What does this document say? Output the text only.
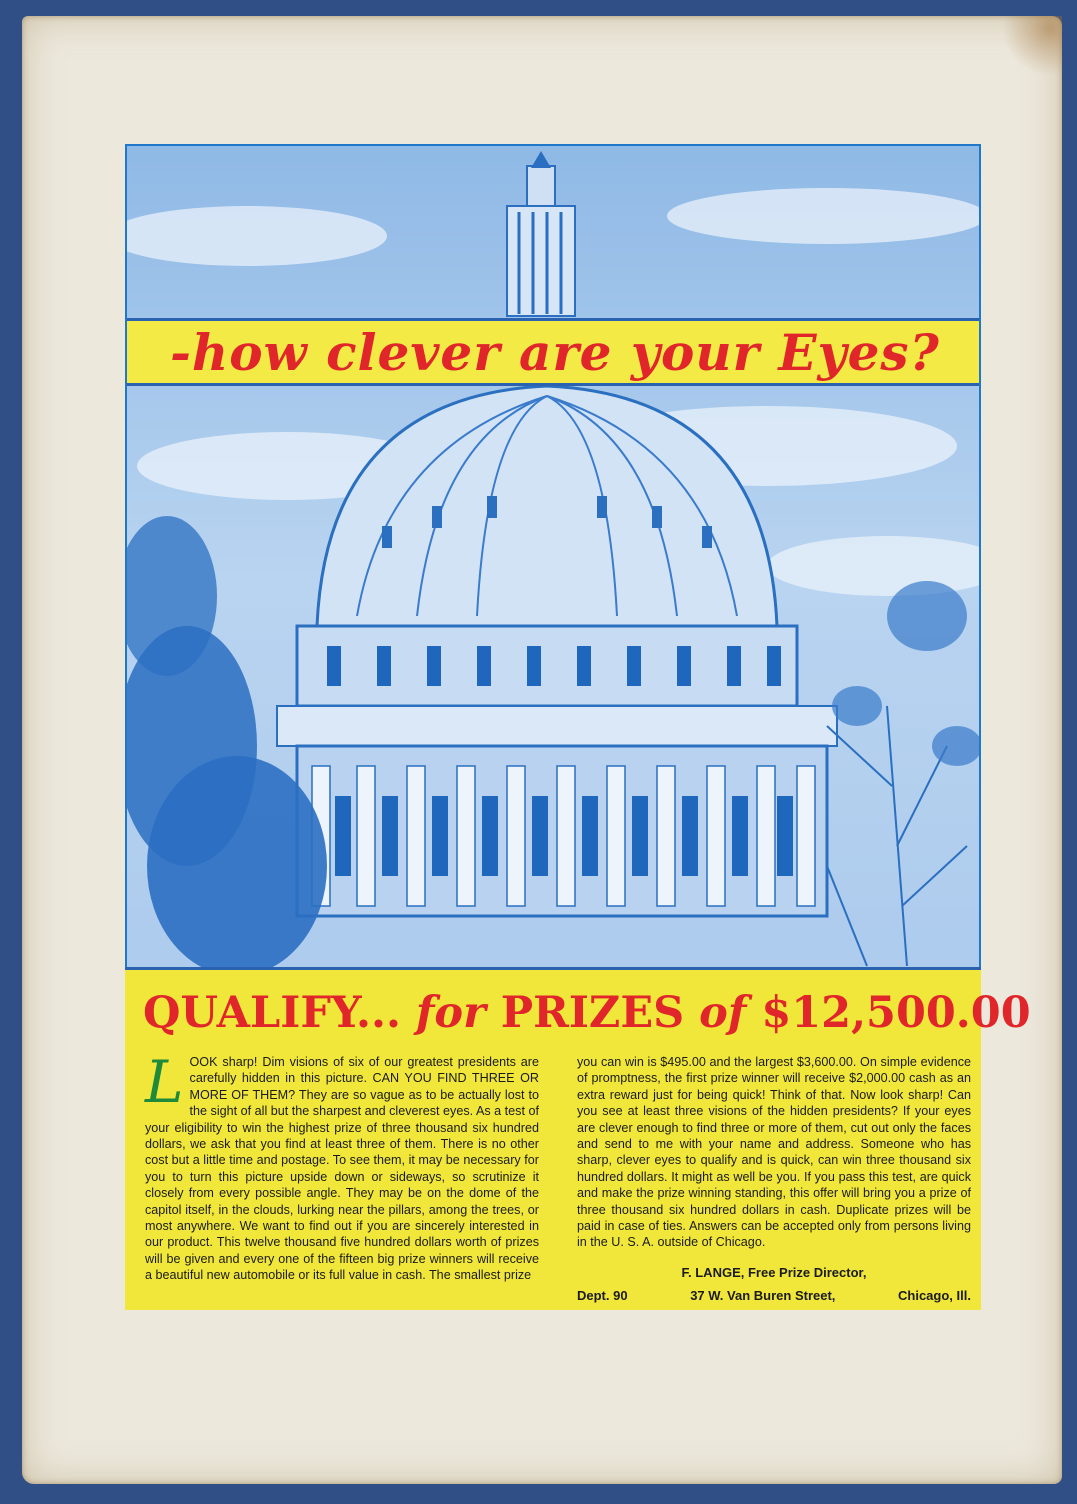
-how clever are your Eyes?
QUALIFY... for PRIZES of $12,500.00
L OOK sharp! Dim visions of six of our greatest presidents are carefully hidden in this picture. CAN YOU FIND THREE OR MORE OF THEM? They are so vague as to be actually lost to the sight of all but the sharpest and cleverest eyes. As a test of your eligibility to win the highest prize of three thousand six hundred dollars, we ask that you find at least three of them. There is no other cost but a little time and postage. To see them, it may be necessary for you to turn this picture upside down or sideways, so scrutinize it closely from every possible angle. They may be on the dome of the capitol itself, in the clouds, lurking near the pillars, among the trees, or most anywhere. We want to find out if you are sincerely interested in our product. This twelve thousand five hundred dollars worth of prizes will be given and every one of the fifteen big prize winners will receive a beautiful new automobile or its full value in cash. The smallest prize
you can win is $495.00 and the largest $3,600.00. On simple evidence of promptness, the first prize winner will receive $2,000.00 cash as an extra reward just for being quick! Think of that. Now look sharp! Can you see at least three visions of the hidden presidents? If your eyes are clever enough to find three or more of them, cut out only the faces and send to me with your name and address. Someone who has sharp, clever eyes to qualify and is quick, can win three thousand six hundred dollars. It might as well be you. If you pass this test, are quick and make the prize winning standing, this offer will bring you a prize of three thousand six hundred dollars in cash. Duplicate prizes will be paid in case of ties. Answers can be accepted only from persons living in the U. S. A. outside of Chicago.
F. LANGE, Free Prize Director,
Dept. 90	37 W. Van Buren Street,	Chicago, Ill.
